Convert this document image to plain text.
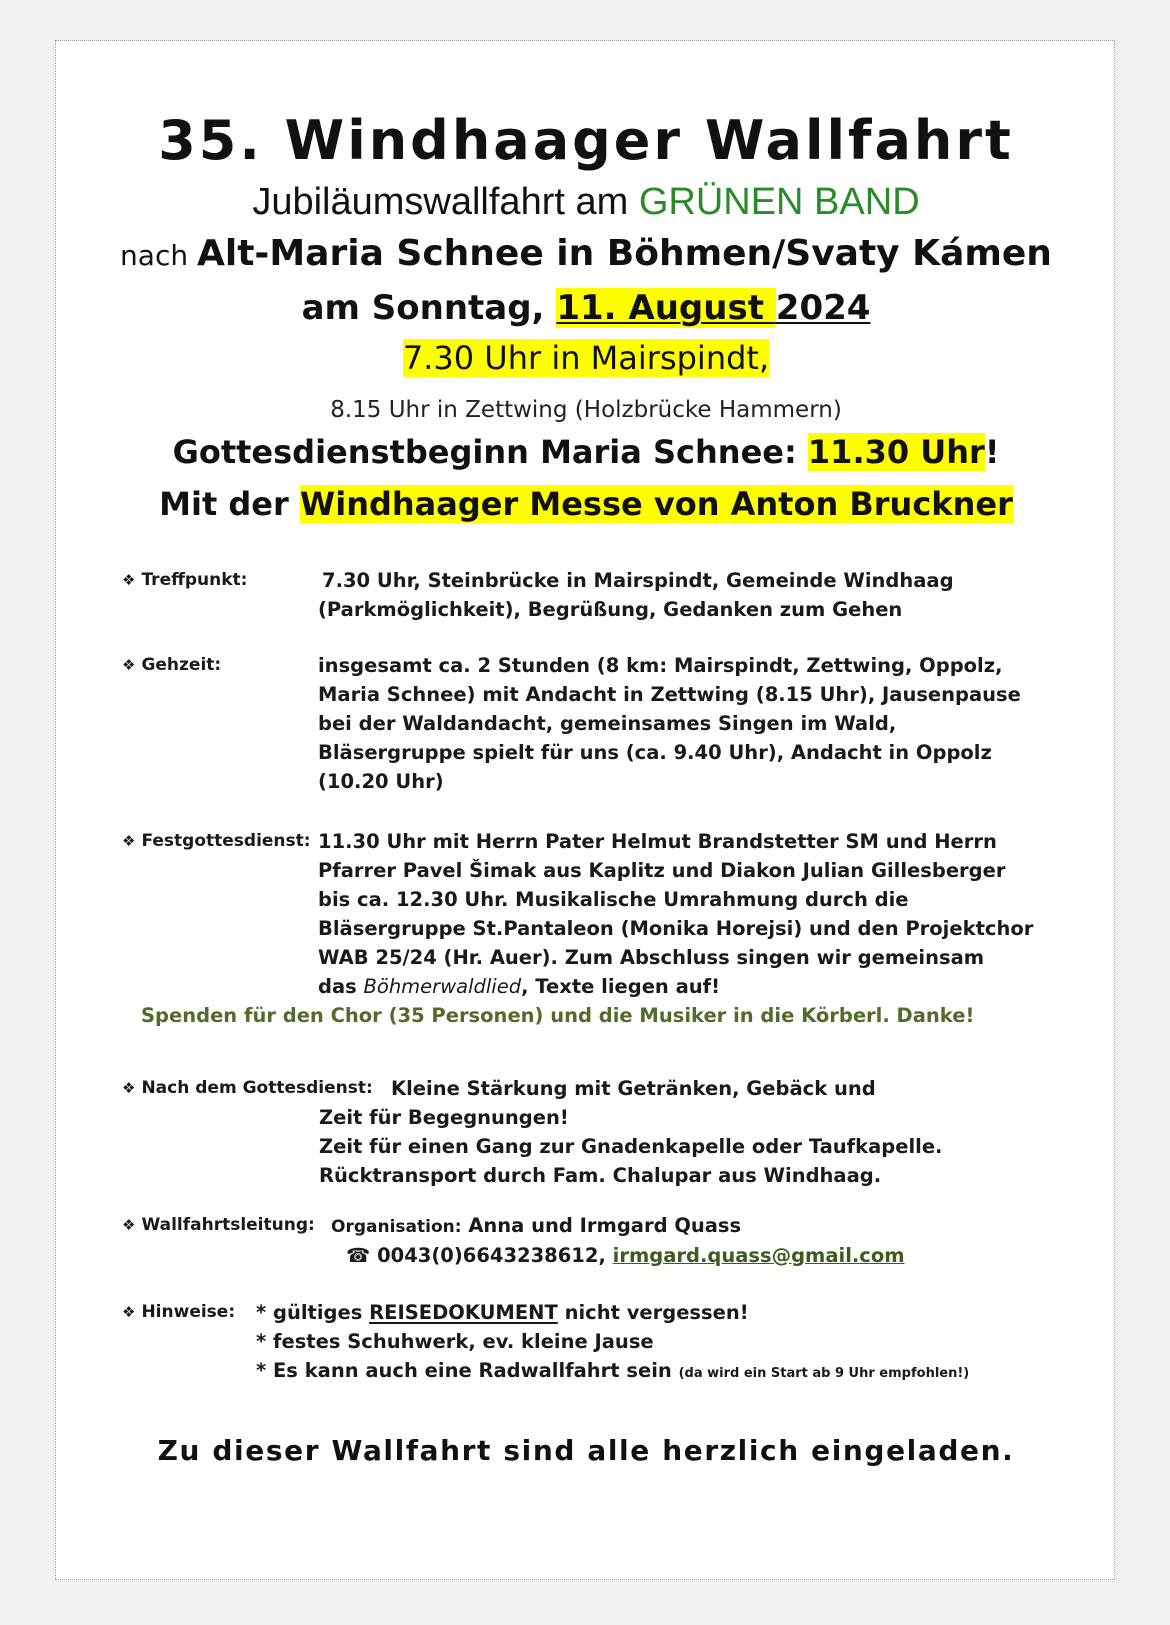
35. Windhaager Wallfahrt
Jubiläumswallfahrt am GRÜNEN BAND
nach Alt-Maria Schnee in Böhmen/Svaty Kámen
am Sonntag, 11. August 2024
7.30 Uhr in Mairspindt,
8.15 Uhr in Zettwing (Holzbrücke Hammern)
Gottesdienstbeginn Maria Schnee: 11.30 Uhr!
Mit der Windhaager Messe von Anton Bruckner
❖ Treffpunkt:	7.30 Uhr, Steinbrücke in Mairspindt, Gemeinde Windhaag
(Parkmöglichkeit), Begrüßung, Gedanken zum Gehen
❖ Gehzeit:	insgesamt ca. 2 Stunden (8 km: Mairspindt, Zettwing, Oppolz,
Maria Schnee) mit Andacht in Zettwing (8.15 Uhr), Jausenpause
bei der Waldandacht, gemeinsames Singen im Wald,
Bläsergruppe spielt für uns (ca. 9.40 Uhr), Andacht in Oppolz
(10.20 Uhr)
❖ Festgottesdienst: 11.30 Uhr mit Herrn Pater Helmut Brandstetter SM und Herrn
Pfarrer Pavel Šimak aus Kaplitz und Diakon Julian Gillesberger
bis ca. 12.30 Uhr. Musikalische Umrahmung durch die
Bläsergruppe St.Pantaleon (Monika Horejsi) und den Projektchor
WAB 25/24 (Hr. Auer). Zum Abschluss singen wir gemeinsam
das Böhmerwaldlied, Texte liegen auf!
Spenden für den Chor (35 Personen) und die Musiker in die Körberl. Danke!
❖ Nach dem Gottesdienst: Kleine Stärkung mit Getränken, Gebäck und
Zeit für Begegnungen!
Zeit für einen Gang zur Gnadenkapelle oder Taufkapelle.
Rücktransport durch Fam. Chalupar aus Windhaag.
❖ Wallfahrtsleitung: Organisation: Anna und Irmgard Quass
☎ 0043(0)6643238612, irmgard.quass@gmail.com
❖ Hinweise: * gültiges REISEDOKUMENT nicht vergessen!
* festes Schuhwerk, ev. kleine Jause
* Es kann auch eine Radwallfahrt sein (da wird ein Start ab 9 Uhr empfohlen!)
Zu dieser Wallfahrt sind alle herzlich eingeladen.
